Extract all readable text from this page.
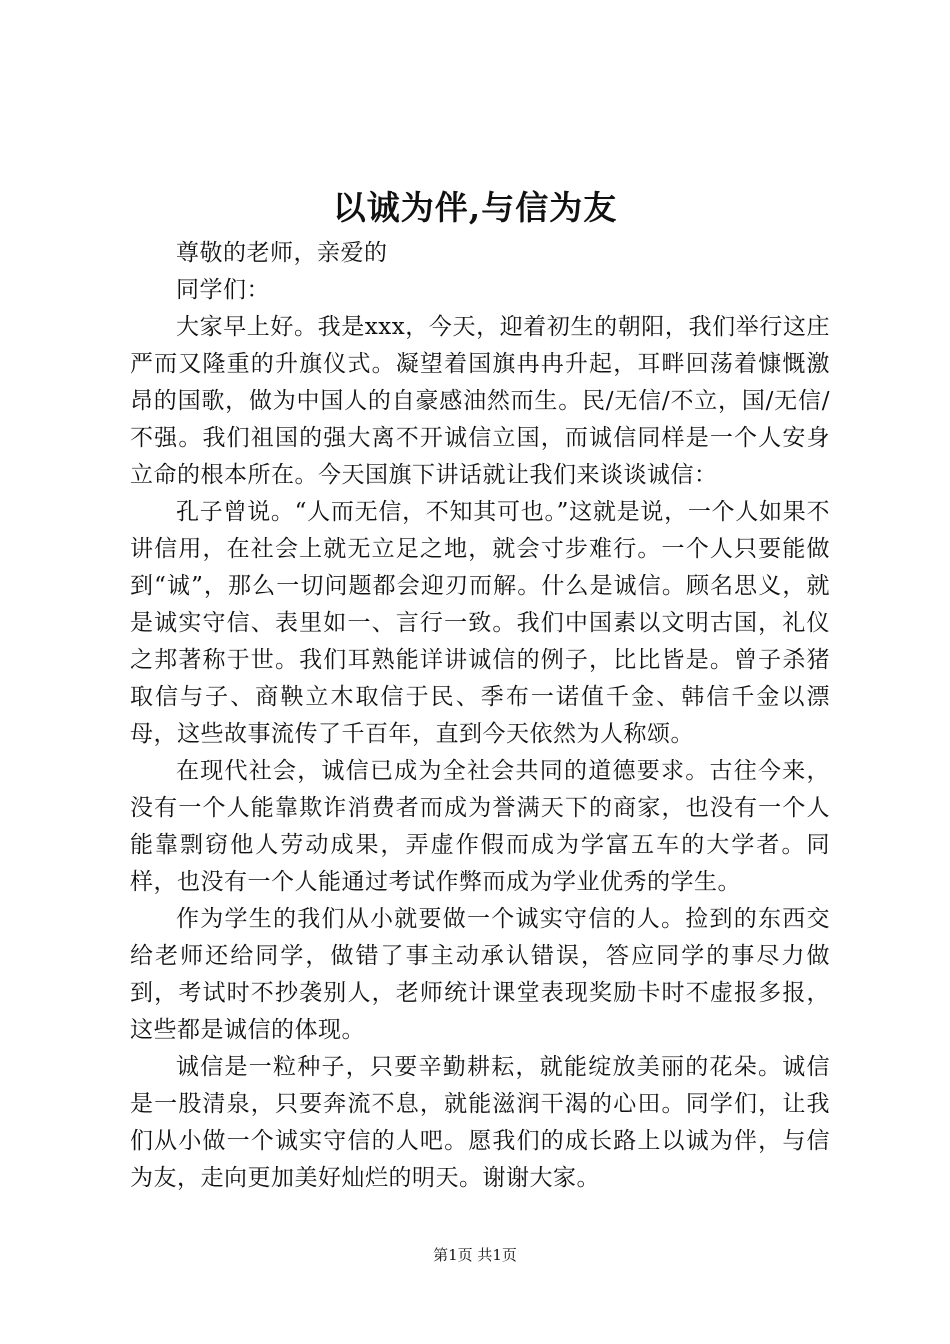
以诚为伴,与信为友

尊敬的老师，亲爱的

同学们：

大家早上好。我是xxx，今天，迎着初生的朝阳，我们举行这庄严而又隆重的升旗仪式。凝望着国旗冉冉升起，耳畔回荡着慷慨激昂的国歌，做为中国人的自豪感油然而生。民/无信/不立，国/无信/不强。我们祖国的强大离不开诚信立国，而诚信同样是一个人安身立命的根本所在。今天国旗下讲话就让我们来谈谈诚信：

孔子曾说。“人而无信，不知其可也。”这就是说，一个人如果不讲信用，在社会上就无立足之地，就会寸步难行。一个人只要能做到“诚”，那么一切问题都会迎刃而解。什么是诚信。顾名思义，就是诚实守信、表里如一、言行一致。我们中国素以文明古国，礼仪之邦著称于世。我们耳熟能详讲诚信的例子，比比皆是。曾子杀猪取信与子、商鞅立木取信于民、季布一诺值千金、韩信千金以漂母，这些故事流传了千百年，直到今天依然为人称颂。

在现代社会，诚信已成为全社会共同的道德要求。古往今来，没有一个人能靠欺诈消费者而成为誉满天下的商家，也没有一个人能靠剽窃他人劳动成果，弄虚作假而成为学富五车的大学者。同样，也没有一个人能通过考试作弊而成为学业优秀的学生。

作为学生的我们从小就要做一个诚实守信的人。捡到的东西交给老师还给同学，做错了事主动承认错误，答应同学的事尽力做到，考试时不抄袭别人，老师统计课堂表现奖励卡时不虚报多报，这些都是诚信的体现。

诚信是一粒种子，只要辛勤耕耘，就能绽放美丽的花朵。诚信是一股清泉，只要奔流不息，就能滋润干渴的心田。同学们，让我们从小做一个诚实守信的人吧。愿我们的成长路上以诚为伴，与信为友，走向更加美好灿烂的明天。谢谢大家。

第1页 共1页
